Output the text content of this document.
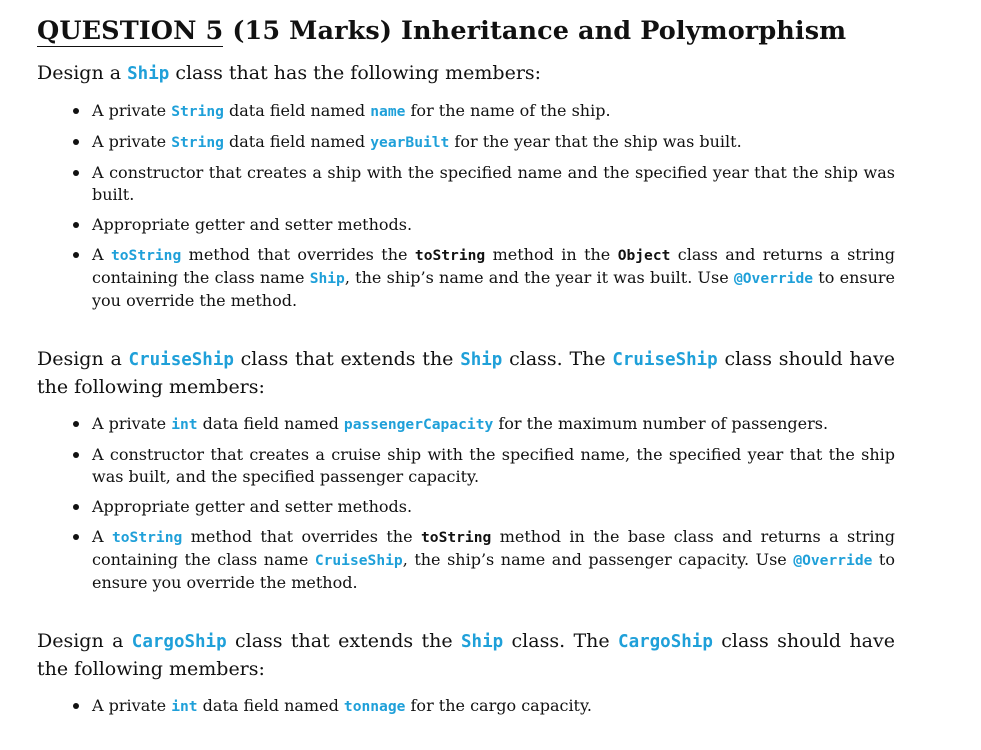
QUESTION 5 (15 Marks) Inheritance and Polymorphism

Design a Ship class that has the following members:

A private String data field named name for the name of the ship.
A private String data field named yearBuilt for the year that the ship was built.
A constructor that creates a ship with the specified name and the specified year that the ship was built.
Appropriate getter and setter methods.
A toString method that overrides the toString method in the Object class and returns a string containing the class name Ship, the ship’s name and the year it was built. Use @Override to ensure you override the method.

Design a CruiseShip class that extends the Ship class. The CruiseShip class should have the following members:

A private int data field named passengerCapacity for the maximum number of passengers.
A constructor that creates a cruise ship with the specified name, the specified year that the ship was built, and the specified passenger capacity.
Appropriate getter and setter methods.
A toString method that overrides the toString method in the base class and returns a string containing the class name CruiseShip, the ship’s name and passenger capacity. Use @Override to ensure you override the method.

Design a CargoShip class that extends the Ship class. The CargoShip class should have the following members:

A private int data field named tonnage for the cargo capacity.
